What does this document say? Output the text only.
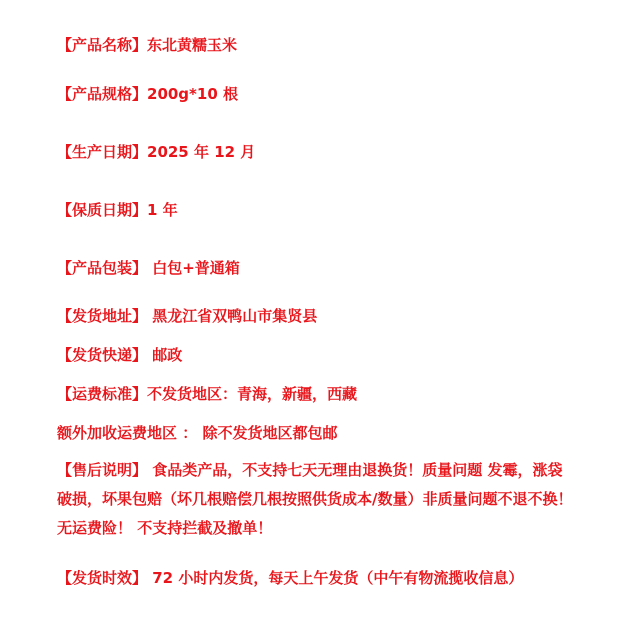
【产品名称】东北黄糯玉米
【产品规格】200g*10 根
【生产日期】2025 年 12 月
【保质日期】1 年
【产品包装】 白包+普通箱
【发货地址】 黑龙江省双鸭山市集贤县
【发货快递】 邮政
【运费标准】不发货地区：青海，新疆，西藏
额外加收运费地区 ： 除不发货地区都包邮
【售后说明】 食品类产品，不支持七天无理由退换货！质量问题 发霉，涨袋破损，坏果包赔（坏几根赔偿几根按照供货成本/数量）非质量问题不退不换！ 无运费险！ 不支持拦截及撤单！
【发货时效】 72 小时内发货，每天上午发货（中午有物流揽收信息）
